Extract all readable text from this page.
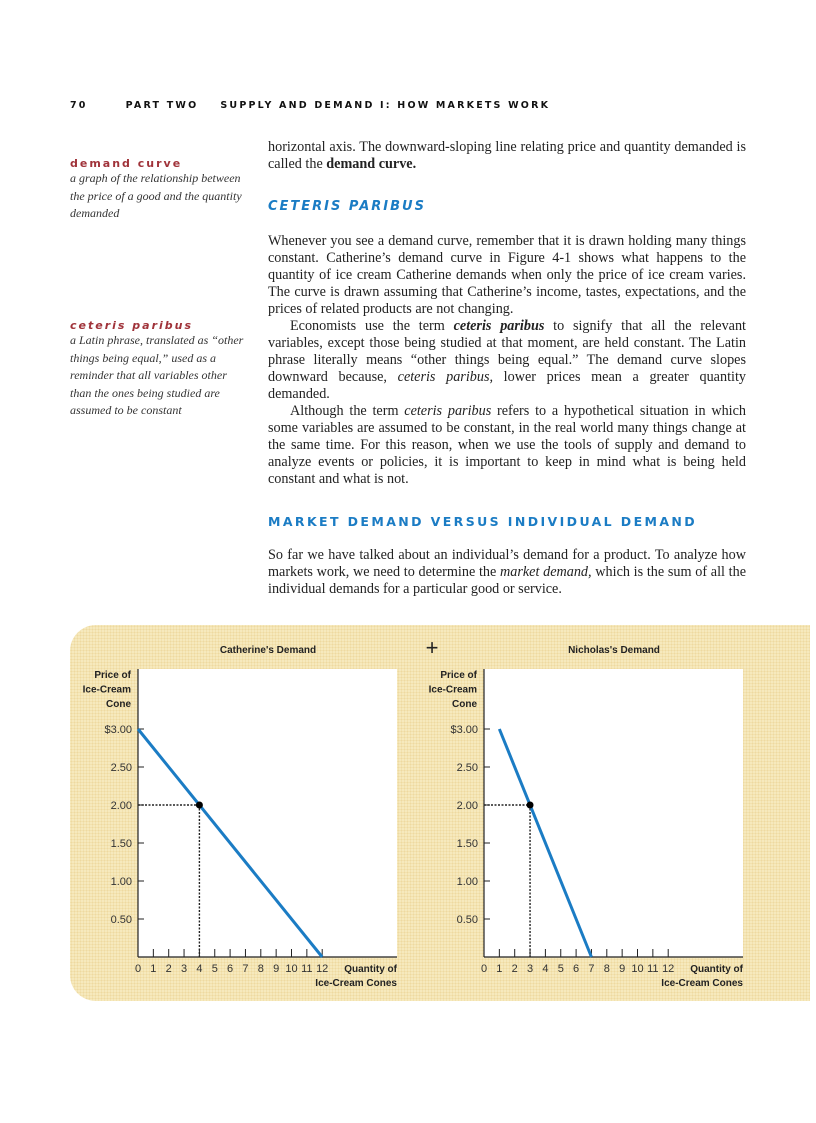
70	PART TWO SUPPLY AND DEMAND I: HOW MARKETS WORK
demand curve
a graph of the relationship between the price of a good and the quantity demanded
ceteris paribus
a Latin phrase, translated as “other things being equal,” used as a reminder that all variables other than the ones being studied are assumed to be constant

horizontal axis. The downward-sloping line relating price and quantity demanded is called the demand curve.

CETERIS PARIBUS

Whenever you see a demand curve, remember that it is drawn holding many things constant. Catherine’s demand curve in Figure 4-1 shows what happens to the quantity of ice cream Catherine demands when only the price of ice cream varies. The curve is drawn assuming that Catherine’s income, tastes, expectations, and the prices of related products are not changing.

Economists use the term ceteris paribus to signify that all the relevant variables, except those being studied at that moment, are held constant. The Latin phrase literally means “other things being equal.” The demand curve slopes downward because, ceteris paribus, lower prices mean a greater quantity demanded.

Although the term ceteris paribus refers to a hypothetical situation in which some variables are assumed to be constant, in the real world many things change at the same time. For this reason, when we use the tools of supply and demand to analyze events or policies, it is important to keep in mind what is being held constant and what is not.

MARKET DEMAND VERSUS INDIVIDUAL DEMAND

So far we have talked about an individual’s demand for a product. To analyze how markets work, we need to determine the market demand, which is the sum of all the individual demands for a particular good or service.

+
Catherine's Demand
Price of
Ice-Cream
Cone
$3.00
2.50
2.00
1.50
1.00
0.50
0 1 2 3 4 5 6 7 8 9 10 11 12 Quantity of
Ice-Cream Cones
Nicholas's Demand
Price of
Ice-Cream
Cone
$3.00
2.50
2.00
1.50
1.00
0.50
0 1 2 3 4 5 6 7 8 9 10 11 12 Quantity of
Ice-Cream Cones
